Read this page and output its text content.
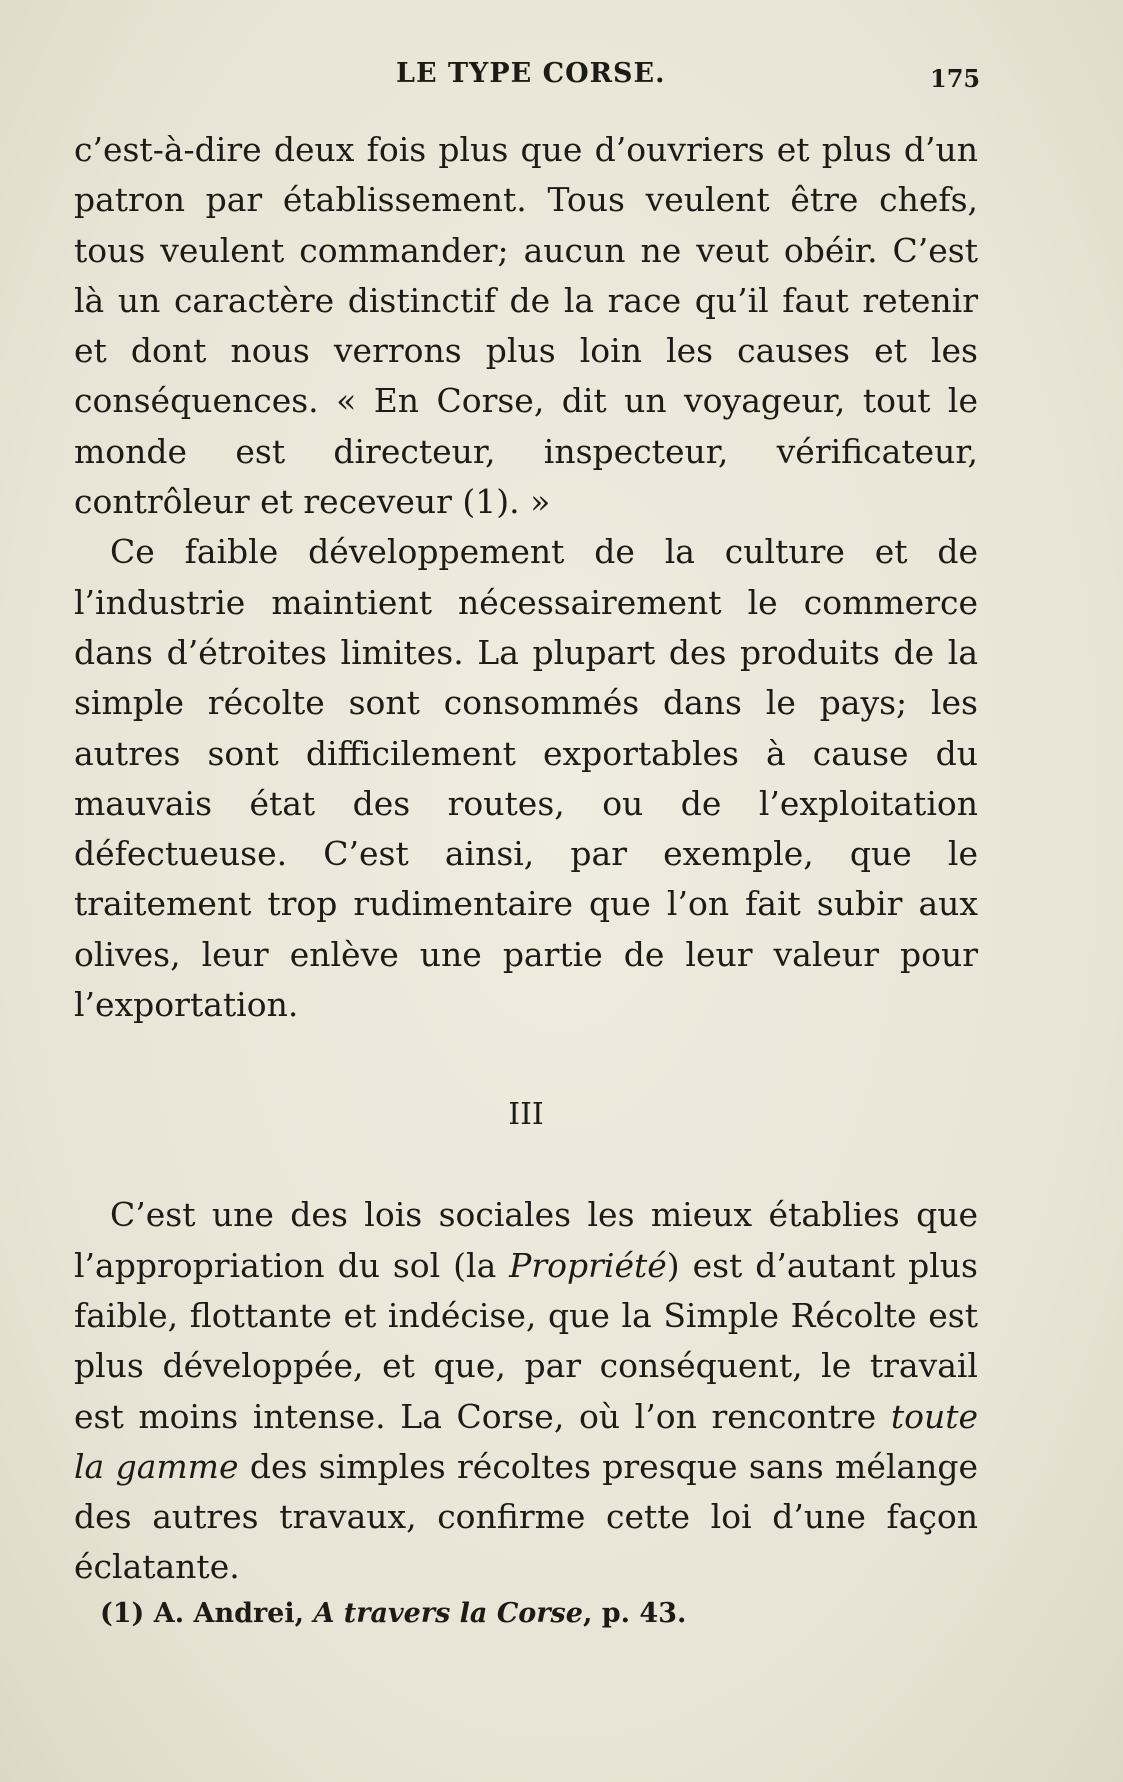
LE TYPE CORSE.	175

c’est-à-dire deux fois plus que d’ouvriers et plus d’un patron par établissement. Tous veulent être chefs, tous veulent commander; aucun ne veut obéir. C’est là un caractère distinctif de la race qu’il faut retenir et dont nous verrons plus loin les causes et les conséquences. « En Corse, dit un voyageur, tout le monde est directeur, inspecteur, vérificateur, contrôleur et receveur (1). »

Ce faible développement de la culture et de l’industrie maintient nécessairement le commerce dans d’étroites limites. La plupart des produits de la simple récolte sont consommés dans le pays; les autres sont difficilement exportables à cause du mauvais état des routes, ou de l’exploitation défectueuse. C’est ainsi, par exemple, que le traitement trop rudimentaire que l’on fait subir aux olives, leur enlève une partie de leur valeur pour l’exportation.

III

C’est une des lois sociales les mieux établies que l’appropriation du sol (la Propriété) est d’autant plus faible, flottante et indécise, que la Simple Récolte est plus développée, et que, par conséquent, le travail est moins intense. La Corse, où l’on rencontre toute la gamme des simples récoltes presque sans mélange des autres travaux, confirme cette loi d’une façon éclatante.

(1) A. Andrei, A travers la Corse, p. 43.
